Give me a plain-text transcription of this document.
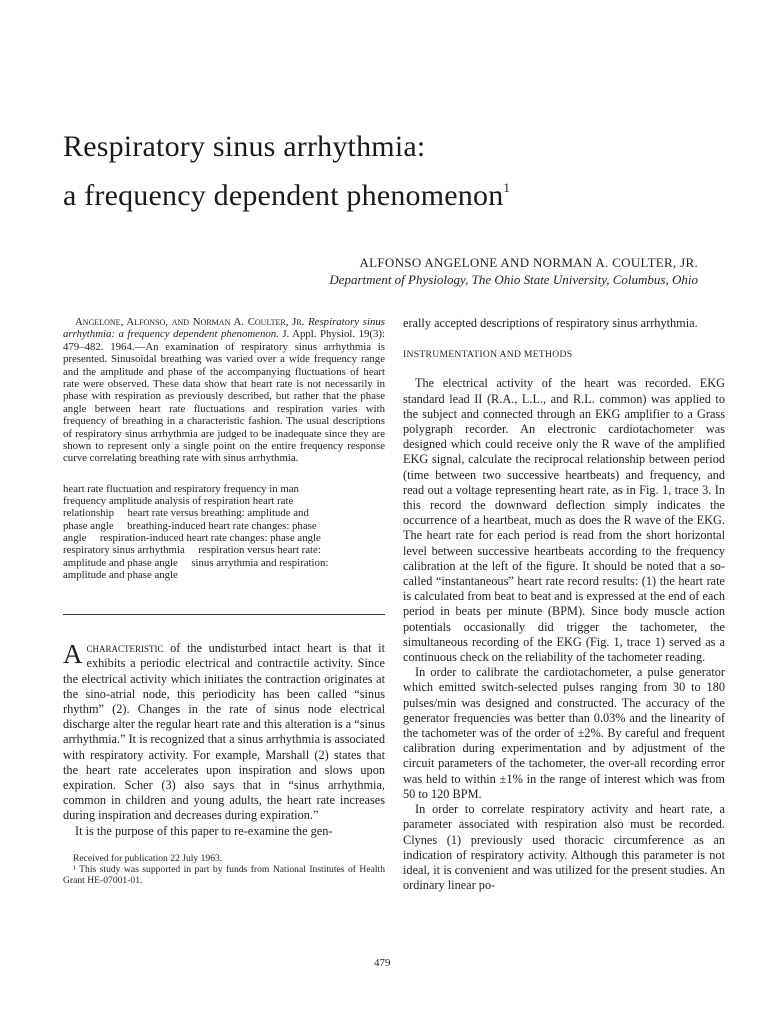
Respiratory sinus arrhythmia:
a frequency dependent phenomenon$^1$
ALFONSO ANGELONE AND NORMAN A. COULTER, JR.
Department of Physiology, The Ohio State University, Columbus, Ohio
Angelone, Alfonso, and Norman A. Coulter, Jr. Respiratory sinus arrhythmia: a frequency dependent phenomenon. J. Appl. Physiol. 19(3): 479–482. 1964.—An examination of respiratory sinus arrhythmia is presented. Sinusoidal breathing was varied over a wide frequency range and the amplitude and phase of the accompanying fluctuations of heart rate were observed. These data show that heart rate is not necessarily in phase with respiration as previously described, but rather that the phase angle between heart rate fluctuations and respiration varies with frequency of breathing in a characteristic fashion. The usual descriptions of respiratory sinus arrhythmia are judged to be inadequate since they are shown to represent only a single point on the entire frequency response curve correlating breathing rate with sinus arrhythmia.
heart rate fluctuation and respiratory frequency in man
frequency amplitude analysis of respiration heart rate
relationship     heart rate versus breathing: amplitude and
phase angle     breathing-induced heart rate changes: phase
angle     respiration-induced heart rate changes: phase angle
respiratory sinus arrhythmia     respiration versus heart rate:
amplitude and phase angle     sinus arrythmia and respiration:
amplitude and phase angle

Acharacteristic of the undisturbed intact heart is that it exhibits a periodic electrical and contractile activity. Since the electrical activity which initiates the contraction originates at the sino-atrial node, this periodicity has been called “sinus rhythm” (2). Changes in the rate of sinus node electrical discharge alter the regular heart rate and this alteration is a “sinus arrhythmia.” It is recognized that a sinus arrhythmia is associated with respiratory activity. For example, Marshall (2) states that the heart rate accelerates upon inspiration and slows upon expiration. Scher (3) also says that in “sinus arrhythmia, common in children and young adults, the heart rate increases during inspiration and decreases during expiration.”

It is the purpose of this paper to re-examine the gen-

Received for publication 22 July 1963.
¹ This study was supported in part by funds from National Institutes of Health Grant HE-07001-01.

erally accepted descriptions of respiratory sinus arrhythmia.

INSTRUMENTATION AND METHODS

The electrical activity of the heart was recorded. EKG standard lead II (R.A., L.L., and R.L. common) was applied to the subject and connected through an EKG amplifier to a Grass polygraph recorder. An electronic cardiotachometer was designed which could receive only the R wave of the amplified EKG signal, calculate the reciprocal relationship between period (time between two successive heartbeats) and frequency, and read out a voltage representing heart rate, as in Fig. 1, trace 3. In this record the downward deflection simply indicates the occurrence of a heartbeat, much as does the R wave of the EKG. The heart rate for each period is read from the short horizontal level between successive heartbeats according to the frequency calibration at the left of the figure. It should be noted that a so-called “instantaneous” heart rate record results: (1) the heart rate is calculated from beat to beat and is expressed at the end of each period in beats per minute (BPM). Since body muscle action potentials occasionally did trigger the tachometer, the simultaneous recording of the EKG (Fig. 1, trace 1) served as a continuous check on the reliability of the tachometer reading.

In order to calibrate the cardiotachometer, a pulse generator which emitted switch-selected pulses ranging from 30 to 180 pulses/min was designed and constructed. The accuracy of the generator frequencies was better than 0.03% and the linearity of the tachometer was of the order of ±2%. By careful and frequent calibration during experimentation and by adjustment of the circuit parameters of the tachometer, the over-all recording error was held to within ±1% in the range of interest which was from 50 to 120 BPM.

In order to correlate respiratory activity and heart rate, a parameter associated with respiration also must be recorded. Clynes (1) previously used thoracic circumference as an indication of respiratory activity. Although this parameter is not ideal, it is convenient and was utilized for the present studies. An ordinary linear po-

479
